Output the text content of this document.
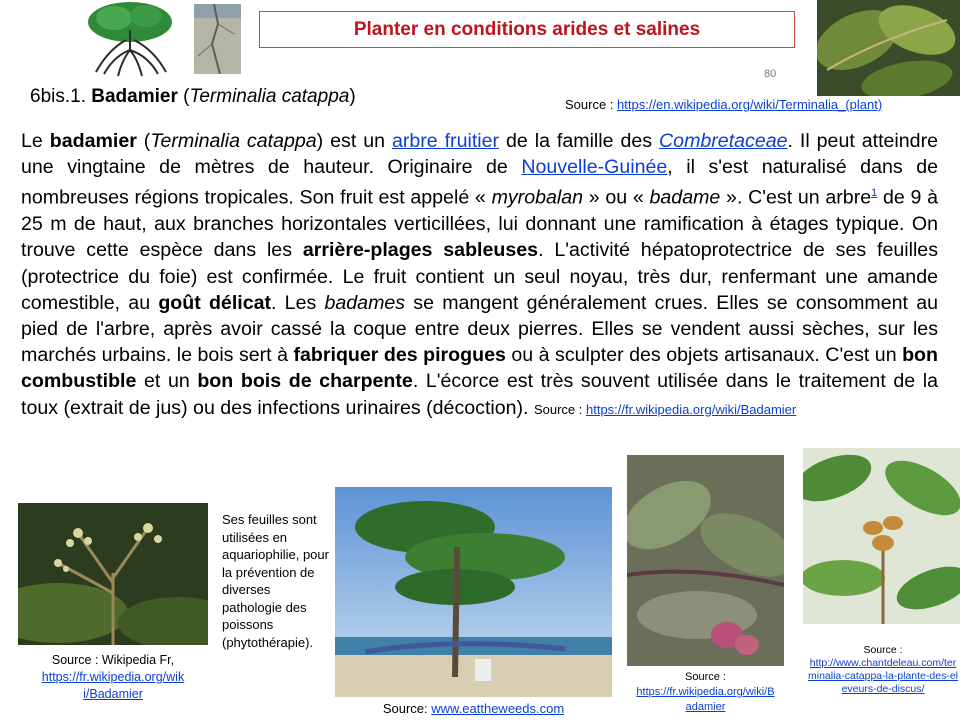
Planter en conditions arides et salines
80
6bis.1. Badamier (Terminalia catappa)	Source : https://en.wikipedia.org/wiki/Terminalia_(plant)
Le badamier (Terminalia catappa) est un arbre fruitier de la famille des Combretaceae. Il peut atteindre une vingtaine de mètres de hauteur. Originaire de Nouvelle-Guinée, il s'est naturalisé dans de nombreuses régions tropicales. Son fruit est appelé « myrobalan » ou « badame ». C'est un arbre$^1$ de 9 à 25 m de haut, aux branches horizontales verticillées, lui donnant une ramification à étages typique. On trouve cette espèce dans les arrière-plages sableuses. L'activité hépatoprotectrice de ses feuilles (protectrice du foie) est confirmée. Le fruit contient un seul noyau, très dur, renfermant une amande comestible, au goût délicat. Les badames se mangent généralement crues. Elles se consomment au pied de l'arbre, après avoir cassé la coque entre deux pierres. Elles se vendent aussi sèches, sur les marchés urbains. le bois sert à fabriquer des pirogues ou à sculpter des objets artisanaux. C'est un bon combustible et un bon bois de charpente. L'écorce est très souvent utilisée dans le traitement de la toux (extrait de jus) ou des infections urinaires (décoction). Source : https://fr.wikipedia.org/wiki/Badamier
Source : Wikipedia Fr,
https://fr.wikipedia.org/wiki/Badamier
Ses feuilles sont utilisées en aquariophilie, pour la prévention de diverses pathologie des poissons (phytothérapie).
Source: www.eattheweeds.com
Source :
https://fr.wikipedia.org/wiki/Badamier
Source :
http://www.chantdeleau.com/terminalia-catappa-la-plante-des-eleveurs-de-discus/
